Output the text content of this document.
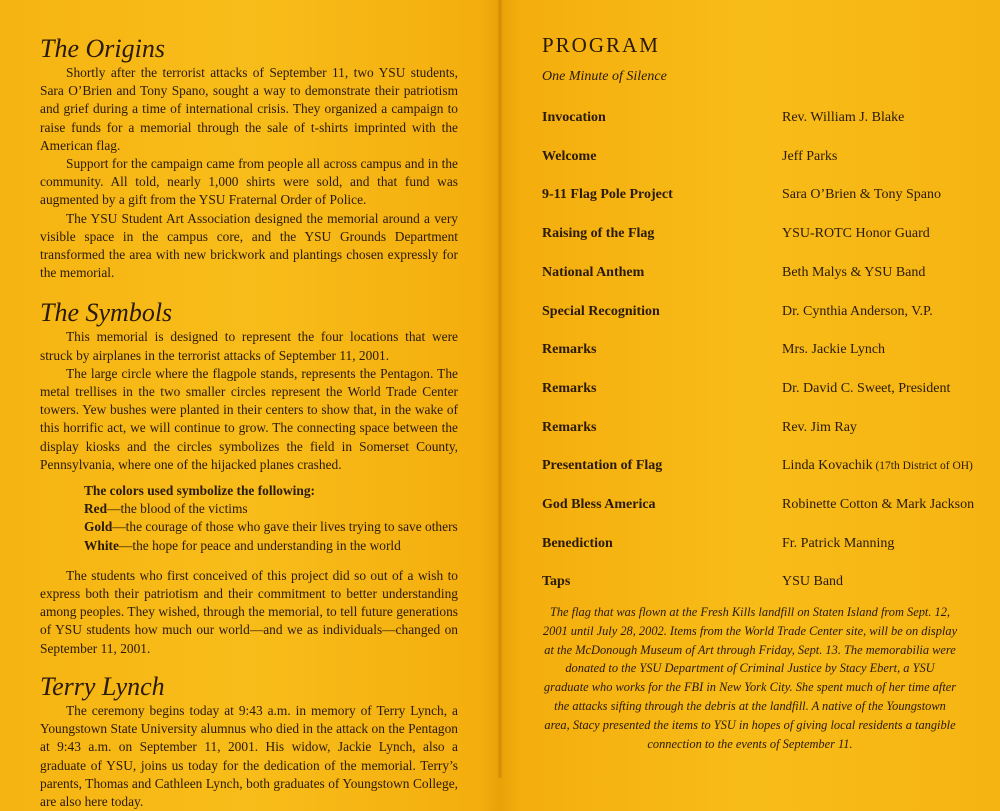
The Origins

Shortly after the terrorist attacks of September 11, two YSU students, Sara O’Brien and Tony Spano, sought a way to demonstrate their patriotism and grief during a time of international crisis. They organized a campaign to raise funds for a memorial through the sale of t-shirts imprinted with the American flag.

Support for the campaign came from people all across campus and in the community. All told, nearly 1,000 shirts were sold, and that fund was augmented by a gift from the YSU Fraternal Order of Police.

The YSU Student Art Association designed the memorial around a very visible space in the campus core, and the YSU Grounds Department transformed the area with new brickwork and plantings chosen expressly for the memorial.

The Symbols

This memorial is designed to represent the four locations that were struck by airplanes in the terrorist attacks of September 11, 2001.

The large circle where the flagpole stands, represents the Pentagon. The metal trellises in the two smaller circles represent the World Trade Center towers. Yew bushes were planted in their centers to show that, in the wake of this horrific act, we will continue to grow. The connecting space between the display kiosks and the circles symbolizes the field in Somerset County, Pennsylvania, where one of the hijacked planes crashed.

The colors used symbolize the following:
Red—the blood of the victims
Gold—the courage of those who gave their lives trying to save others
White—the hope for peace and understanding in the world

The students who first conceived of this project did so out of a wish to express both their patriotism and their commitment to better understanding among peoples. They wished, through the memorial, to tell future generations of YSU students how much our world—and we as individuals—changed on September 11, 2001.

Terry Lynch

The ceremony begins today at 9:43 a.m. in memory of Terry Lynch, a Youngstown State University alumnus who died in the attack on the Pentagon at 9:43 a.m. on September 11, 2001. His widow, Jackie Lynch, also a graduate of YSU, joins us today for the dedication of the memorial. Terry’s parents, Thomas and Cathleen Lynch, both graduates of Youngstown College, are also here today.

PROGRAM
One Minute of Silence
Invocation	Rev. William J. Blake
Welcome	Jeff Parks
9-11 Flag Pole Project	Sara O’Brien & Tony Spano
Raising of the Flag	YSU-ROTC Honor Guard
National Anthem	Beth Malys & YSU Band
Special Recognition	Dr. Cynthia Anderson, V.P.
Remarks	Mrs. Jackie Lynch
Remarks	Dr. David C. Sweet, President
Remarks	Rev. Jim Ray
Presentation of Flag	Linda Kovachik (17th District of OH)
God Bless America	Robinette Cotton & Mark Jackson
Benediction	Fr. Patrick Manning
Taps	YSU Band
The flag that was flown at the Fresh Kills landfill on Staten Island from Sept. 12, 2001 until July 28, 2002. Items from the World Trade Center site, will be on display at the McDonough Museum of Art through Friday, Sept. 13. The memorabilia were donated to the YSU Department of Criminal Justice by Stacy Ebert, a YSU graduate who works for the FBI in New York City. She spent much of her time after the attacks sifting through the debris at the landfill. A native of the Youngstown area, Stacy presented the items to YSU in hopes of giving local residents a tangible connection to the events of September 11.
